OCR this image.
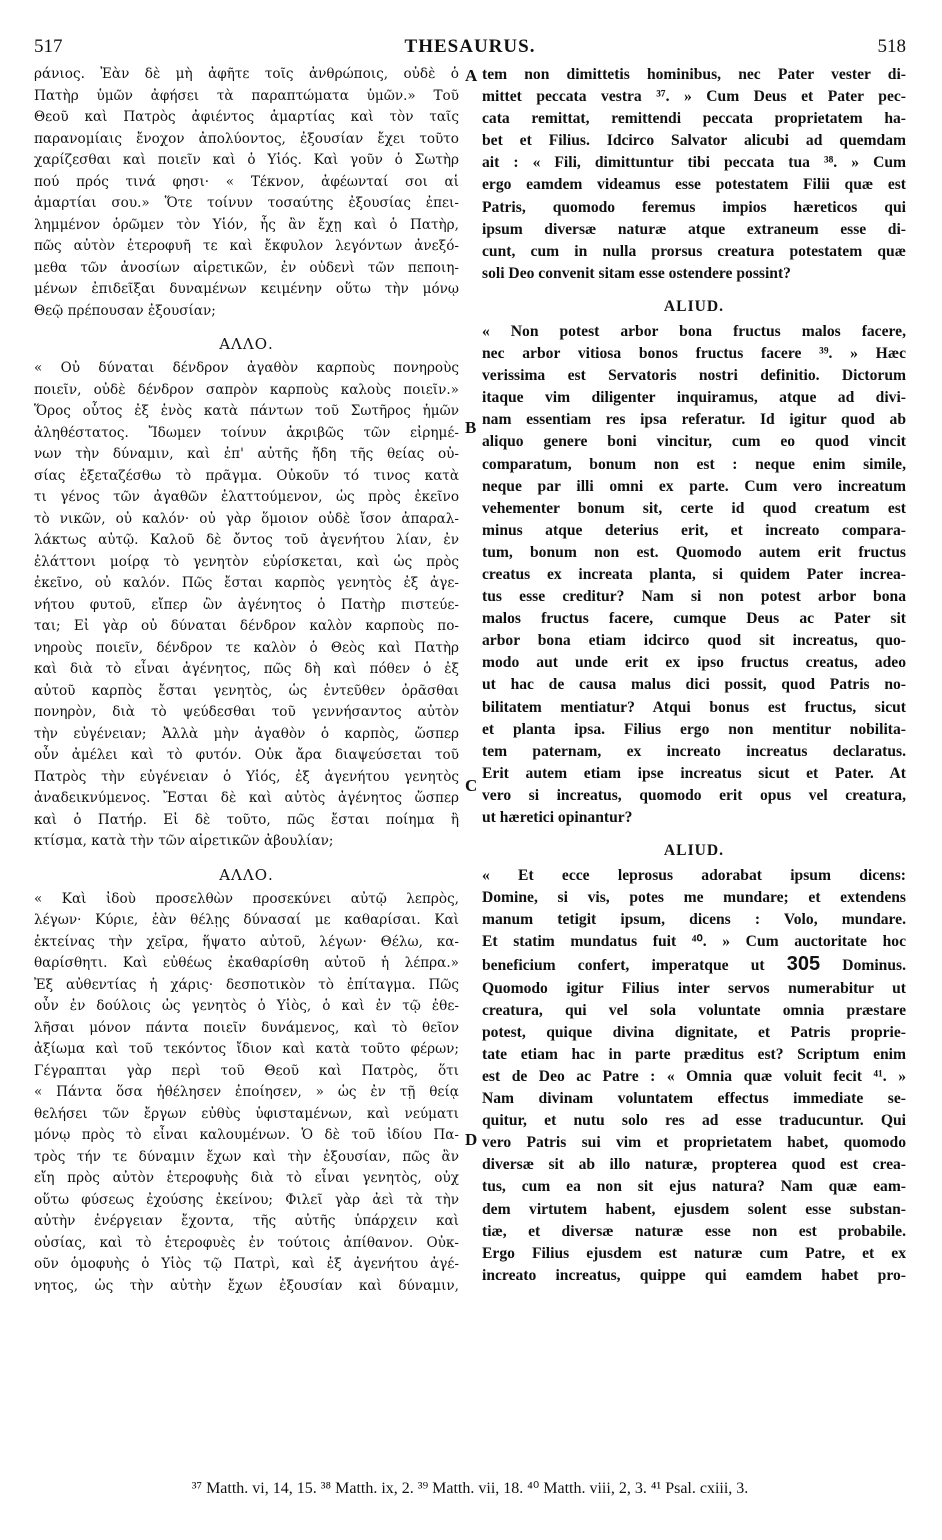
517	THESAURUS.	518
ράνιος. Ἐὰν δὲ μὴ ἀφῆτε τοῖς ἀνθρώποις, οὐδὲ ὁ
Πατὴρ ὑμῶν ἀφήσει τὰ παραπτώματα ὑμῶν.» Τοῦ
Θεοῦ καὶ Πατρὸς ἀφιέντος ἁμαρτίας καὶ τὸν ταῖς
παρανομίαις ἔνοχον ἀπολύοντος, ἐξουσίαν ἔχει τοῦτο
χαρίζεσθαι καὶ ποιεῖν καὶ ὁ Υἱός. Καὶ γοῦν ὁ Σωτὴρ
πού πρός τινά φησι· « Τέκνον, ἀφέωνταί σοι αἱ
ἁμαρτίαι σου.» Ὅτε τοίνυν τοσαύτης ἐξουσίας ἐπει-
λημμένον ὁρῶμεν τὸν Υἱόν, ἧς ἂν ἔχῃ καὶ ὁ Πατὴρ,
πῶς αὐτὸν ἑτεροφυῆ τε καὶ ἔκφυλον λεγόντων ἀνεξό-
μεθα τῶν ἀνοσίων αἱρετικῶν, ἐν οὐδενὶ τῶν πεποιη-
μένων ἐπιδεῖξαι δυναμένων κειμένην οὕτω τὴν μόνῳ
Θεῷ πρέπουσαν ἐξουσίαν;
ΑΛΛΟ.
« Οὐ δύναται δένδρον ἀγαθὸν καρποὺς πονηροὺς
ποιεῖν, οὐδὲ δένδρον σαπρὸν καρποὺς καλοὺς ποιεῖν.»
Ὅρος οὗτος ἐξ ἑνὸς κατὰ πάντων τοῦ Σωτῆρος ἡμῶν
ἀληθέστατος. Ἴδωμεν τοίνυν ἀκριβῶς τῶν εἰρημέ-
νων τὴν δύναμιν, καὶ ἐπ' αὐτῆς ἤδη τῆς θείας οὐ-
σίας ἐξεταζέσθω τὸ πρᾶγμα. Οὐκοῦν τό τινος κατὰ
τι γένος τῶν ἀγαθῶν ἐλαττούμενον, ὡς πρὸς ἐκεῖνο
τὸ νικῶν, οὐ καλόν· οὐ γὰρ ὅμοιον οὐδὲ ἴσον ἀπαραλ-
λάκτως αὐτῷ. Καλοῦ δὲ ὄντος τοῦ ἀγενήτου λίαν, ἐν
ἐλάττονι μοίρᾳ τὸ γενητὸν εὑρίσκεται, καὶ ὡς πρὸς
ἐκεῖνο, οὐ καλόν. Πῶς ἔσται καρπὸς γενητὸς ἐξ ἀγε-
νήτου φυτοῦ, εἴπερ ὢν ἀγένητος ὁ Πατὴρ πιστεύε-
ται; Εἰ γὰρ οὐ δύναται δένδρον καλὸν καρποὺς πο-
νηροὺς ποιεῖν, δένδρον τε καλὸν ὁ Θεὸς καὶ Πατὴρ
καὶ διὰ τὸ εἶναι ἀγένητος, πῶς δὴ καὶ πόθεν ὁ ἐξ
αὐτοῦ καρπὸς ἔσται γενητὸς, ὡς ἐντεῦθεν ὀρᾶσθαι
πονηρὸν, διὰ τὸ ψεύδεσθαι τοῦ γεννήσαντος αὐτὸν
τὴν εὐγένειαν; Ἀλλὰ μὴν ἀγαθὸν ὁ καρπὸς, ὥσπερ
οὖν ἀμέλει καὶ τὸ φυτόν. Οὐκ ἄρα διαψεύσεται τοῦ
Πατρὸς τὴν εὐγένειαν ὁ Υἱός, ἐξ ἀγενήτου γενητὸς
ἀναδεικνύμενος. Ἔσται δὲ καὶ αὐτὸς ἀγένητος ὥσπερ
καὶ ὁ Πατήρ. Εἰ δὲ τοῦτο, πῶς ἔσται ποίημα ἢ
κτίσμα, κατὰ τὴν τῶν αἱρετικῶν ἀβουλίαν;
ΑΛΛΟ.
« Καὶ ἰδοὺ προσελθὼν προσεκύνει αὐτῷ λεπρὸς,
λέγων· Κύριε, ἐὰν θέλῃς δύνασαί με καθαρίσαι. Καὶ
ἐκτείνας τὴν χεῖρα, ἥψατο αὐτοῦ, λέγων· Θέλω, κα-
θαρίσθητι. Καὶ εὐθέως ἐκαθαρίσθη αὐτοῦ ἡ λέπρα.»
Ἐξ αὐθεντίας ἡ χάρις· δεσποτικὸν τὸ ἐπίταγμα. Πῶς
οὖν ἐν δούλοις ὡς γενητὸς ὁ Υἱὸς, ὁ καὶ ἐν τῷ ἐθε-
λῆσαι μόνον πάντα ποιεῖν δυνάμενος, καὶ τὸ θεῖον
ἀξίωμα καὶ τοῦ τεκόντος ἴδιον καὶ κατὰ τοῦτο φέρων;
Γέγραπται γὰρ περὶ τοῦ Θεοῦ καὶ Πατρὸς, ὅτι
« Πάντα ὅσα ἠθέλησεν ἐποίησεν, » ὡς ἐν τῇ θείᾳ
θελήσει τῶν ἔργων εὐθὺς ὑφισταμένων, καὶ νεύματι
μόνῳ πρὸς τὸ εἶναι καλουμένων. Ὁ δὲ τοῦ ἰδίου Πα-
τρὸς τήν τε δύναμιν ἔχων καὶ τὴν ἐξουσίαν, πῶς ἂν
εἴη πρὸς αὐτὸν ἑτεροφυὴς διὰ τὸ εἶναι γενητὸς, οὐχ
οὕτω φύσεως ἐχούσης ἐκείνου; Φιλεῖ γὰρ ἀεὶ τὰ τὴν
αὐτὴν ἐνέργειαν ἔχοντα, τῆς αὐτῆς ὑπάρχειν καὶ
οὐσίας, καὶ τὸ ἑτεροφυὲς ἐν τούτοις ἀπίθανον. Οὐκ-
οῦν ὁμοφυὴς ὁ Υἱὸς τῷ Πατρὶ, καὶ ἐξ ἀγενήτου ἀγέ-
νητος, ὡς τὴν αὐτὴν ἔχων ἐξουσίαν καὶ δύναμιν,
tem non dimittetis hominibus, nec Pater vester di-
mittet peccata vestra ³⁷. » Cum Deus et Pater pec-
cata remittat, remittendi peccata proprietatem ha-
bet et Filius. Idcirco Salvator alicubi ad quemdam
ait : « Fili, dimittuntur tibi peccata tua ³⁸. » Cum
ergo eamdem videamus esse potestatem Filii quæ est
Patris, quomodo feremus impios hæreticos qui
ipsum diversæ naturæ atque extraneum esse di-
cunt, cum in nulla prorsus creatura potestatem quæ
soli Deo convenit sitam esse ostendere possint?
ALIUD.
« Non potest arbor bona fructus malos facere,
nec arbor vitiosa bonos fructus facere ³⁹. » Hæc
verissima est Servatoris nostri definitio. Dictorum
itaque vim diligenter inquiramus, atque ad divi-
nam essentiam res ipsa referatur. Id igitur quod ab
aliquo genere boni vincitur, cum eo quod vincit
comparatum, bonum non est : neque enim simile,
neque par illi omni ex parte. Cum vero increatum
vehementer bonum sit, certe id quod creatum est
minus atque deterius erit, et increato compara-
tum, bonum non est. Quomodo autem erit fructus
creatus ex increata planta, si quidem Pater increa-
tus esse creditur? Nam si non potest arbor bona
malos fructus facere, cumque Deus ac Pater sit
arbor bona etiam idcirco quod sit increatus, quo-
modo aut unde erit ex ipso fructus creatus, adeo
ut hac de causa malus dici possit, quod Patris no-
bilitatem mentiatur? Atqui bonus est fructus, sicut
et planta ipsa. Filius ergo non mentitur nobilita-
tem paternam, ex increato increatus declaratus.
Erit autem etiam ipse increatus sicut et Pater. At
vero si increatus, quomodo erit opus vel creatura,
ut hæretici opinantur?
ALIUD.
« Et ecce leprosus adorabat ipsum dicens:
Domine, si vis, potes me mundare; et extendens
manum tetigit ipsum, dicens : Volo, mundare.
Et statim mundatus fuit ⁴⁰. » Cum auctoritate hoc
beneficium confert, imperatque ut 305 Dominus.
Quomodo igitur Filius inter servos numerabitur ut
creatura, qui vel sola voluntate omnia præstare
potest, quique divina dignitate, et Patris proprie-
tate etiam hac in parte præditus est? Scriptum enim
est de Deo ac Patre : « Omnia quæ voluit fecit ⁴¹. »
Nam divinam voluntatem effectus immediate se-
quitur, et nutu solo res ad esse traducuntur. Qui
vero Patris sui vim et proprietatem habet, quomodo
diversæ sit ab illo naturæ, propterea quod est crea-
tus, cum ea non sit ejus natura? Nam quæ eam-
dem virtutem habent, ejusdem solent esse substan-
tiæ, et diversæ naturæ esse non est probabile.
Ergo Filius ejusdem est naturæ cum Patre, et ex
increato increatus, quippe qui eamdem habet pro-
A
B
C
D
³⁷ Matth. vi, 14, 15. ³⁸ Matth. ix, 2. ³⁹ Matth. vii, 18. ⁴⁰ Matth. viii, 2, 3. ⁴¹ Psal. cxiii, 3.
